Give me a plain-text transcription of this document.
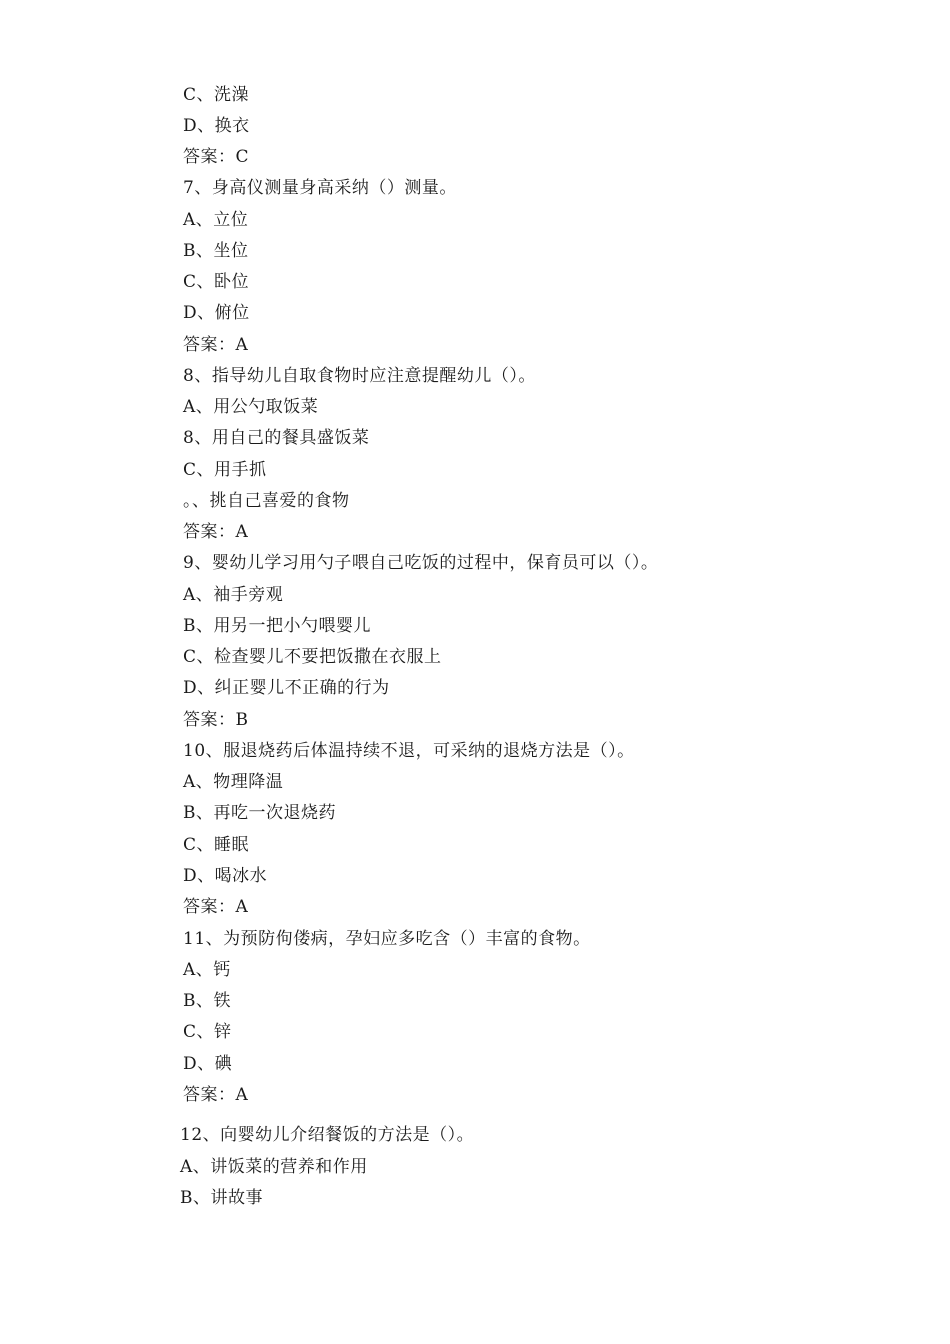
C、洗澡
D、换衣
答案：C
7、身高仪测量身高采纳（）测量。
A、立位
B、坐位
C、卧位
D、俯位
答案：A
8、指导幼儿自取食物时应注意提醒幼儿（）。
A、用公勺取饭菜
8、用自己的餐具盛饭菜
C、用手抓
。、挑自己喜爱的食物
答案：A
9、婴幼儿学习用勺子喂自己吃饭的过程中，保育员可以（）。
A、袖手旁观
B、用另一把小勺喂婴儿
C、检查婴儿不要把饭撒在衣服上
D、纠正婴儿不正确的行为
答案：B
10、服退烧药后体温持续不退，可采纳的退烧方法是（）。
A、物理降温
B、再吃一次退烧药
C、睡眠
D、喝冰水
答案：A
11、为预防佝偻病，孕妇应多吃含（）丰富的食物。
A、钙
B、铁
C、锌
D、碘
答案：A
12、向婴幼儿介绍餐饭的方法是（）。
A、讲饭菜的营养和作用
B、讲故事
